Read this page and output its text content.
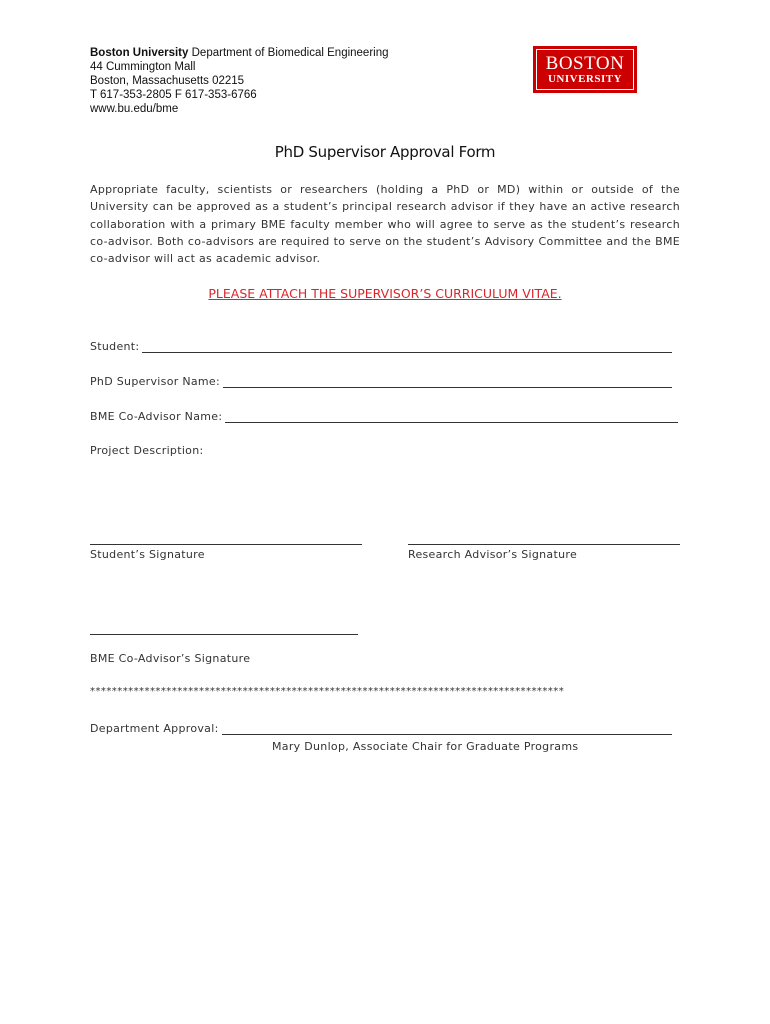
Boston University Department of Biomedical Engineering
44 Cummington Mall
Boston, Massachusetts 02215
T 617-353-2805 F 617-353-6766
www.bu.edu/bme
BOSTON
UNIVERSITY
PhD Supervisor Approval Form
Appropriate faculty, scientists or researchers (holding a PhD or MD) within or outside of the University can be approved as a student’s principal research advisor if they have an active research collaboration with a primary BME faculty member who will agree to serve as the student’s research co-advisor. Both co-advisors are required to serve on the student’s Advisory Committee and the BME co-advisor will act as academic advisor.
PLEASE ATTACH THE SUPERVISOR’S CURRICULUM VITAE.
Student:
PhD Supervisor Name:
BME Co-Advisor Name:
Project Description:
Student’s Signature	Research Advisor’s Signature
BME Co-Advisor’s Signature
***************************************************************************************
Department Approval:
Mary Dunlop, Associate Chair for Graduate Programs
